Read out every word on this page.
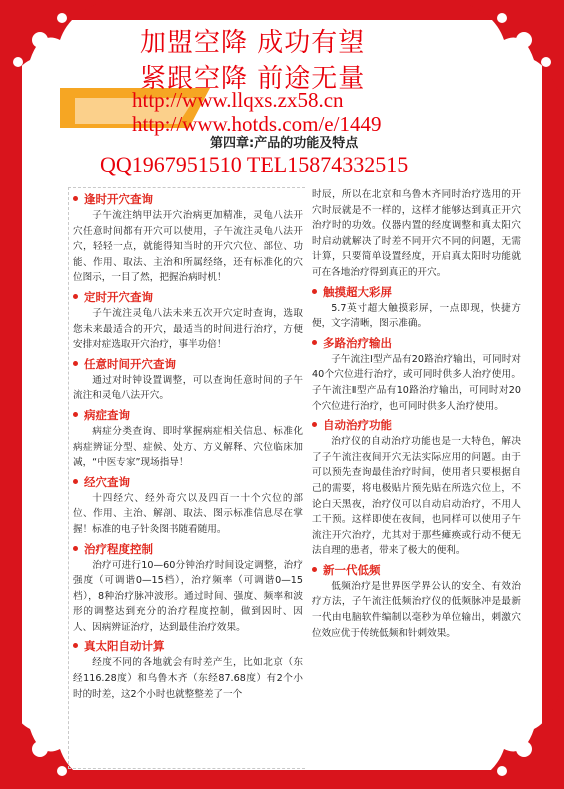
加盟空降 成功有望
紧跟空降 前途无量
http://www.llqxs.zx58.cn
http://www.hotds.com/e/1449
第四章:产品的功能及特点
QQ1967951510 TEL15874332515
逢时开穴查询
子午流注纳甲法开穴治病更加精准，灵龟八法开穴任意时间都有开穴可以使用，子午流注灵龟八法开穴，轻轻一点，就能得知当时的开穴穴位、部位、功能、作用、取法、主治和所属经络，还有标准化的穴位图示，一目了然，把握治病时机！
定时开穴查询
子午流注灵龟八法未来五次开穴定时查询，选取您未来最适合的开穴，最适当的时间进行治疗，方便安排对症选取开穴治疗，事半功倍！
任意时间开穴查询
通过对时钟设置调整，可以查询任意时间的子午流注和灵龟八法开穴。
病症查询
病症分类查询、即时掌握病症相关信息、标准化病症辨证分型、症候、处方、方义解释、穴位临床加减，“中医专家”现场指导！
经穴查询
十四经穴、经外奇穴以及四百一十个穴位的部位、作用、主治、解剖、取法、图示标准信息尽在掌握！标准的电子针灸图书随看随用。
治疗程度控制
治疗可进行10—60分钟治疗时间设定调整，治疗强度（可调谐0—15档），治疗频率（可调谐0—15档），8种治疗脉冲波形。通过时间、强度、频率和波形的调整达到充分的治疗程度控制，做到因时、因人、因病辨证治疗，达到最佳治疗效果。
真太阳自动计算
经度不同的各地就会有时差产生，比如北京（东经116.28度）和乌鲁木齐（东经87.68度）有2个小时的时差，这2个小时也就整整差了一个
时辰，所以在北京和乌鲁木齐同时治疗选用的开穴时辰就是不一样的，这样才能够达到真正开穴治疗时的功效。仪器内置的经度调整和真太阳穴时启动就解决了时差不同开穴不同的问题，无需计算，只要简单设置经度，开启真太阳时功能就可在各地治疗得到真正的开穴。
触摸超大彩屏
5.7英寸超大触摸彩屏，一点即现，快捷方便，文字清晰，图示准确。
多路治疗输出
子午流注Ⅰ型产品有20路治疗输出，可同时对40个穴位进行治疗，或可同时供多人治疗使用。子午流注Ⅱ型产品有10路治疗输出，可同时对20个穴位进行治疗，也可同时供多人治疗使用。
自动治疗功能
治疗仪的自动治疗功能也是一大特色，解决了子午流注夜间开穴无法实际应用的问题。由于可以预先查询最佳治疗时间，使用者只要根据自己的需要，将电极贴片预先贴在所选穴位上，不论白天黑夜，治疗仪可以自动启动治疗，不用人工干预。这样即使在夜间，也同样可以使用子午流注开穴治疗，尤其对于那些瘫痪或行动不便无法自理的患者，带来了极大的便利。
新一代低频
低频治疗是世界医学界公认的安全、有效治疗方法，子午流注低频治疗仪的低频脉冲是最新一代由电脑软件编制以毫秒为单位输出，刺激穴位效应优于传统低频和针刺效果。
